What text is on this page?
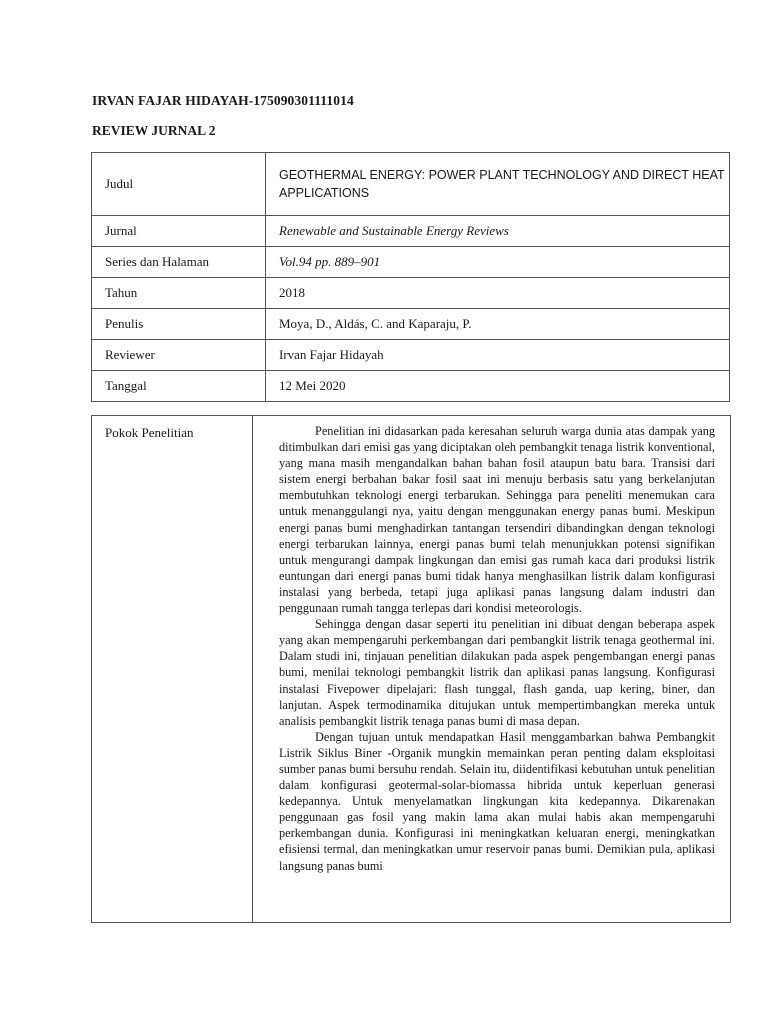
IRVAN FAJAR HIDAYAH-175090301111014
REVIEW JURNAL 2
Judul	GEOTHERMAL ENERGY: POWER PLANT TECHNOLOGY AND DIRECT HEAT APPLICATIONS
Jurnal	Renewable and Sustainable Energy Reviews
Series dan Halaman	Vol.94 pp. 889–901
Tahun	2018
Penulis	Moya, D., Aldás, C. and Kaparaju, P.
Reviewer	Irvan Fajar Hidayah
Tanggal	12 Mei 2020
Pokok Penelitian	Penelitian ini didasarkan pada keresahan seluruh warga dunia atas dampak yang ditimbulkan dari emisi gas yang diciptakan oleh pembangkit tenaga listrik konventional, yang mana masih mengandalkan bahan bahan fosil ataupun batu bara. Transisi dari sistem energi berbahan bakar fosil saat ini menuju berbasis satu yang berkelanjutan membutuhkan teknologi energi terbarukan. Sehingga para peneliti menemukan cara untuk menanggulangi nya, yaitu dengan menggunakan energy panas bumi. Meskipun energi panas bumi menghadirkan tantangan tersendiri dibandingkan dengan teknologi energi terbarukan lainnya, energi panas bumi telah menunjukkan potensi signifikan untuk mengurangi dampak lingkungan dan emisi gas rumah kaca dari produksi listrik euntungan dari energi panas bumi tidak hanya menghasilkan listrik dalam konfigurasi instalasi yang berbeda, tetapi juga aplikasi panas langsung dalam industri dan penggunaan rumah tangga terlepas dari kondisi meteorologis.

Sehingga dengan dasar seperti itu penelitian ini dibuat dengan beberapa aspek yang akan mempengaruhi perkembangan dari pembangkit listrik tenaga geothermal ini. Dalam studi ini, tinjauan penelitian dilakukan pada aspek pengembangan energi panas bumi, menilai teknologi pembangkit listrik dan aplikasi panas langsung. Konfigurasi instalasi Fivepower dipelajari: flash tunggal, flash ganda, uap kering, biner, dan lanjutan. Aspek termodinamika ditujukan untuk mempertimbangkan mereka untuk analisis pembangkit listrik tenaga panas bumi di masa depan.

Dengan tujuan untuk mendapatkan Hasil menggambarkan bahwa Pembangkit Listrik Siklus Biner -Organik mungkin memainkan peran penting dalam eksploitasi sumber panas bumi bersuhu rendah. Selain itu, diidentifikasi kebutuhan untuk penelitian dalam konfigurasi geotermal-solar-biomassa hibrida untuk keperluan generasi kedepannya. Untuk menyelamatkan lingkungan kita kedepannya. Dikarenakan penggunaan gas fosil yang makin lama akan mulai habis akan mempengaruhi perkembangan dunia. Konfigurasi ini meningkatkan keluaran energi, meningkatkan efisiensi termal, dan meningkatkan umur reservoir panas bumi. Demikian pula, aplikasi langsung panas bumi
